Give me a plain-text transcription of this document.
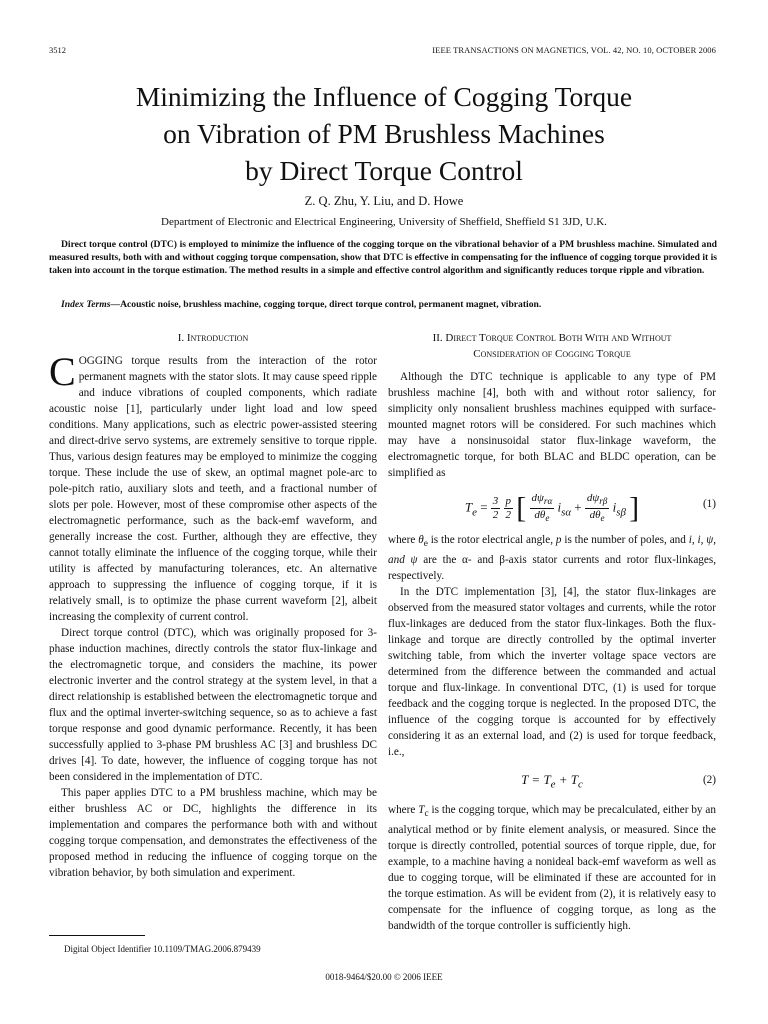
3512	IEEE TRANSACTIONS ON MAGNETICS, VOL. 42, NO. 10, OCTOBER 2006
Minimizing the Influence of Cogging Torque
on Vibration of PM Brushless Machines
by Direct Torque Control
Z. Q. Zhu, Y. Liu, and D. Howe
Department of Electronic and Electrical Engineering, University of Sheffield, Sheffield S1 3JD, U.K.
Direct torque control (DTC) is employed to minimize the influence of the cogging torque on the vibrational behavior of a PM brushless machine. Simulated and measured results, both with and without cogging torque compensation, show that DTC is effective in compensating for the influence of cogging torque provided it is taken into account in the torque estimation. The method results in a simple and effective control algorithm and significantly reduces torque ripple and vibration.
Index Terms—Acoustic noise, brushless machine, cogging torque, direct torque control, permanent magnet, vibration.
I. Introduction

COGGING torque results from the interaction of the rotor permanent magnets with the stator slots. It may cause speed ripple and induce vibrations of coupled components, which radiate acoustic noise [1], particularly under light load and low speed conditions. Many applications, such as electric power-assisted steering and direct-drive servo systems, are extremely sensitive to torque ripple. Thus, various design features may be employed to minimize the cogging torque. These include the use of skew, an optimal magnet pole-arc to pole-pitch ratio, auxiliary slots and teeth, and a fractional number of slots per pole. However, most of these compromise other aspects of the electromagnetic performance, such as the back-emf waveform, and generally increase the cost. Further, although they are effective, they cannot totally eliminate the influence of the cogging torque, while their utility is affected by manufacturing tolerances, etc. An alternative approach to suppressing the influence of cogging torque, if it is relatively small, is to optimize the phase current waveform [2], albeit increasing the complexity of current control.

Direct torque control (DTC), which was originally proposed for 3-phase induction machines, directly controls the stator flux-linkage and the electromagnetic torque, and considers the machine, its power electronic inverter and the control strategy at the system level, in that a direct relationship is established between the electromagnetic torque and flux and the optimal inverter-switching sequence, so as to achieve a fast torque response and good dynamic performance. Recently, it has been successfully applied to 3-phase PM brushless AC [3] and brushless DC drives [4]. To date, however, the influence of cogging torque has not been considered in the implementation of DTC.

This paper applies DTC to a PM brushless machine, which may be either brushless AC or DC, highlights the difference in its implementation and compares the performance both with and without cogging torque compensation, and demonstrates the effectiveness of the proposed method in reducing the influence of cogging torque on the vibration behavior, by both simulation and experiment.

II. Direct Torque Control Both With and Without
Consideration of Cogging Torque

Although the DTC technique is applicable to any type of PM brushless machine [4], both with and without rotor saliency, for simplicity only nonsalient brushless machines equipped with surface-mounted magnet rotors will be considered. For such machines which may have a nonsinusoidal stator flux-linkage waveform, the electromagnetic torque, for both BLAC and BLDC operation, can be simplified as

$T_e = \frac{3}{2}$
$\frac{p}{2}$ [ $\frac{d\psi_{r\alpha}}{d\theta_e} i_{s\alpha} + \frac{d\psi_{r\beta}}{d\theta_e} i_{s\beta}$ ]	(1)

where $\theta_e$ is the rotor electrical angle, p is the number of poles, and i, i, ψ, and ψ are the α- and β-axis stator currents and rotor flux-linkages, respectively.

In the DTC implementation [3], [4], the stator flux-linkages are observed from the measured stator voltages and currents, while the rotor flux-linkages are deduced from the stator flux-linkages. Both the flux-linkage and torque are directly controlled by the optimal inverter switching table, from which the inverter voltage space vectors are determined from the difference between the commanded and actual torque and flux-linkage. In conventional DTC, (1) is used for torque feedback and the cogging torque is neglected. In the proposed DTC, the influence of the cogging torque is accounted for by effectively considering it as an external load, and (2) is used for torque feedback, i.e.,

$T = T_e + T_c$	(2)

where $T_c$ is the cogging torque, which may be precalculated, either by an analytical method or by finite element analysis, or measured. Since the torque is directly controlled, potential sources of torque ripple, due, for example, to a machine having a nonideal back-emf waveform as well as due to cogging torque, will be eliminated if these are accounted for in the torque estimation. As will be evident from (2), it is relatively easy to compensate for the influence of cogging torque, as long as the bandwidth of the torque controller is sufficiently high.

Digital Object Identifier 10.1109/TMAG.2006.879439
0018-9464/$20.00 © 2006 IEEE
